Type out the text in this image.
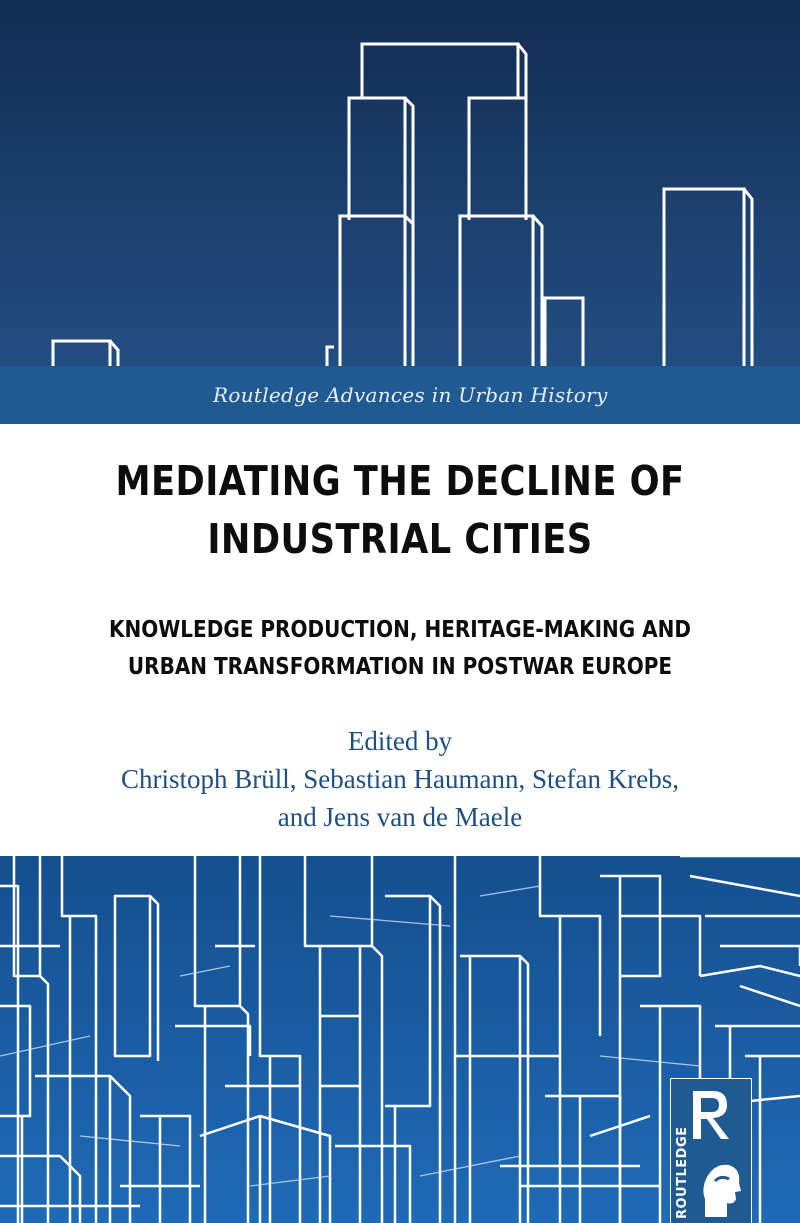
Routledge Advances in Urban History
MEDIATING THE DECLINE OF
INDUSTRIAL CITIES
KNOWLEDGE PRODUCTION, HERITAGE-MAKING AND
URBAN TRANSFORMATION IN POSTWAR EUROPE
Edited by
Christoph Brüll, Sebastian Haumann, Stefan Krebs,
and Jens van de Maele
ROUTLEDGE
